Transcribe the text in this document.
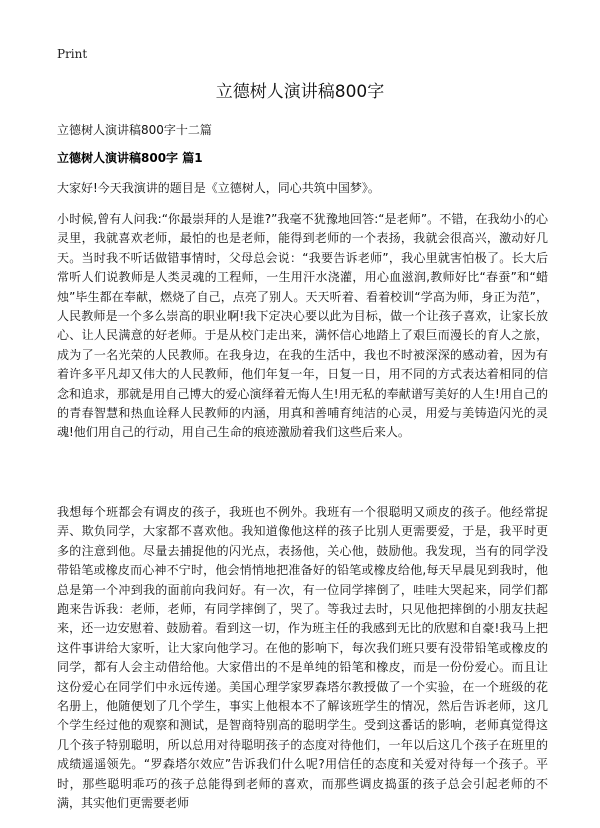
Print
立德树人演讲稿800字
立德树人演讲稿800字十二篇
立德树人演讲稿800字 篇1
大家好!今天我演讲的题目是《立德树人，同心共筑中国梦》。

小时候,曾有人问我:“你最崇拜的人是谁?”我毫不犹豫地回答:“是老师”。不错，在我幼小的心灵里，我就喜欢老师，最怕的也是老师，能得到老师的一个表扬，我就会很高兴，激动好几天。当时我不听话做错事情时，父母总会说：“我要告诉老师”，我心里就害怕极了。长大后常听人们说教师是人类灵魂的工程师，一生用汗水浇灌，用心血滋润,教师好比“春蚕”和“蜡烛”毕生都在奉献，燃烧了自己，点亮了别人。天天听着、看着校训“学高为师，身正为范”，人民教师是一个多么崇高的职业啊!我下定决心要以此为目标，做一个让孩子喜欢，让家长放心、让人民满意的好老师。于是从校门走出来，满怀信心地踏上了艰巨而漫长的育人之旅，成为了一名光荣的人民教师。在我身边，在我的生活中，我也不时被深深的感动着，因为有着许多平凡却又伟大的人民教师，他们年复一年，日复一日，用不同的方式表达着相同的信念和追求，那就是用自己博大的爱心演绎着无悔人生!用无私的奉献谱写美好的人生!用自己的的青春智慧和热血诠释人民教师的内涵，用真和善哺育纯洁的心灵，用爱与美铸造闪光的灵魂!他们用自己的行动，用自己生命的痕迹激励着我们这些后来人。

我想每个班都会有调皮的孩子，我班也不例外。我班有一个很聪明又顽皮的孩子。他经常捉弄、欺负同学，大家都不喜欢他。我知道像他这样的孩子比别人更需要爱，于是，我平时更多的注意到他。尽量去捕捉他的闪光点，表扬他，关心他，鼓励他。我发现，当有的同学没带铅笔或橡皮而心神不宁时，他会悄悄地把准备好的铅笔或橡皮给他,每天早晨见到我时，他总是第一个冲到我的面前向我问好。有一次，有一位同学摔倒了，哇哇大哭起来，同学们都跑来告诉我：老师，老师，有同学摔倒了，哭了。等我过去时，只见他把摔倒的小朋友扶起来，还一边安慰着、鼓励着。看到这一切，作为班主任的我感到无比的欣慰和自豪!我马上把这件事讲给大家听，让大家向他学习。在他的影响下，每次我们班只要有没带铅笔或橡皮的同学，都有人会主动借给他。大家借出的不是单纯的铅笔和橡皮，而是一份份爱心。而且让这份爱心在同学们中永远传递。美国心理学家罗森塔尔教授做了一个实验，在一个班级的花名册上，他随便划了几个学生，事实上他根本不了解该班学生的情况，然后告诉老师，这几个学生经过他的观察和测试，是智商特别高的聪明学生。受到这番话的影响，老师真觉得这几个孩子特别聪明，所以总用对待聪明孩子的态度对待他们，一年以后这几个孩子在班里的成绩遥遥领先。“罗森塔尔效应”告诉我们什么呢?用信任的态度和关爱对待每一个孩子。平时，那些聪明乖巧的孩子总能得到老师的喜欢，而那些调皮捣蛋的孩子总会引起老师的不满，其实他们更需要老师
